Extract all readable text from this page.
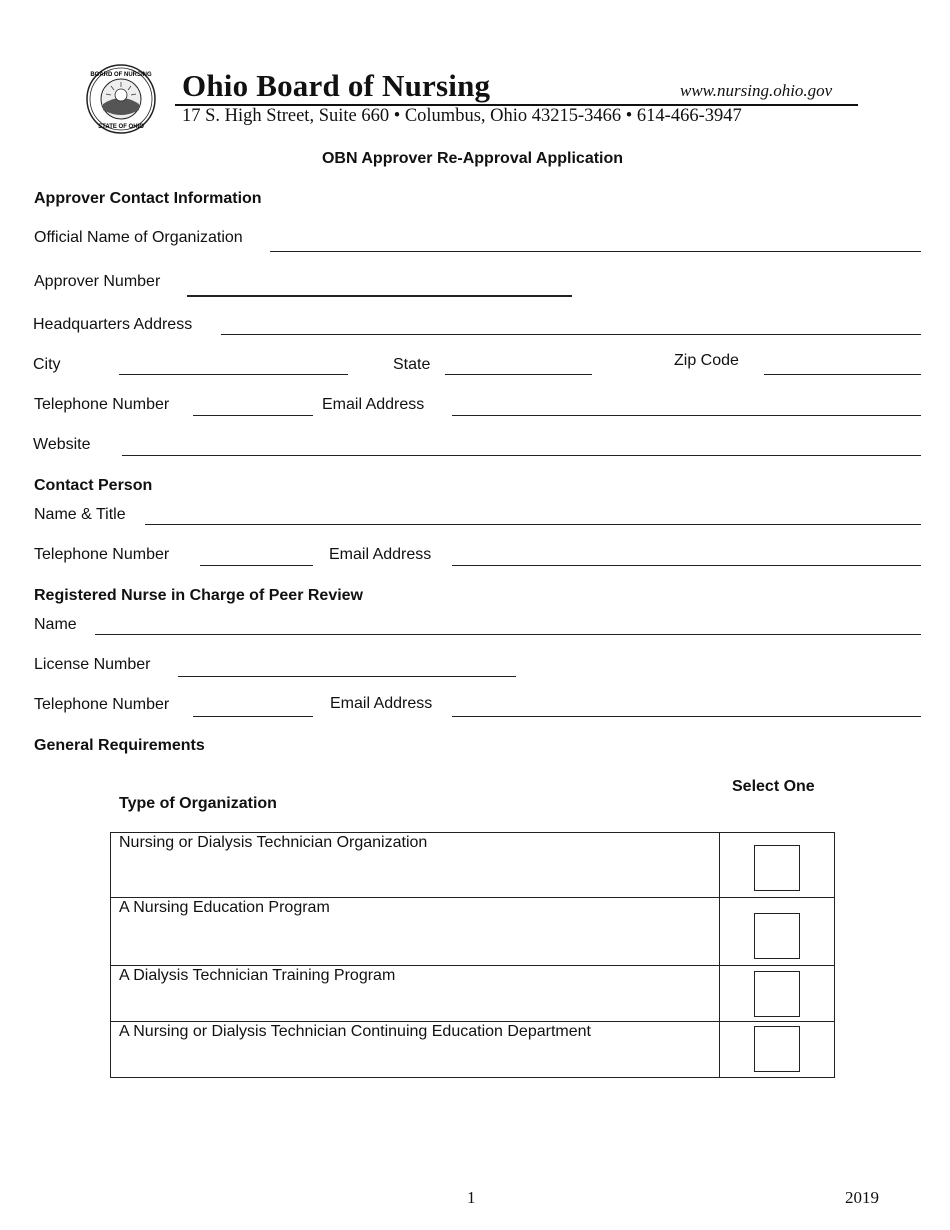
BOARD OF NURSING
STATE OF OHIO
Ohio Board of Nursing	www.nursing.ohio.gov
17 S. High Street, Suite 660 • Columbus, Ohio 43215-3466 • 614-466-3947
OBN Approver Re-Approval Application
Approver Contact Information
Official Name of Organization
Approver Number
Headquarters Address
City	State	Zip Code
Telephone Number	Email Address
Website
Contact Person
Name & Title
Telephone Number	Email Address
Registered Nurse in Charge of Peer Review
Name
License Number
Telephone Number	Email Address
General Requirements
Select One
Type of Organization
Nursing or Dialysis Technician Organization	

A Nursing Education Program	

A Dialysis Technician Training Program	

A Nursing or Dialysis Technician Continuing Education Department	
1	2019
